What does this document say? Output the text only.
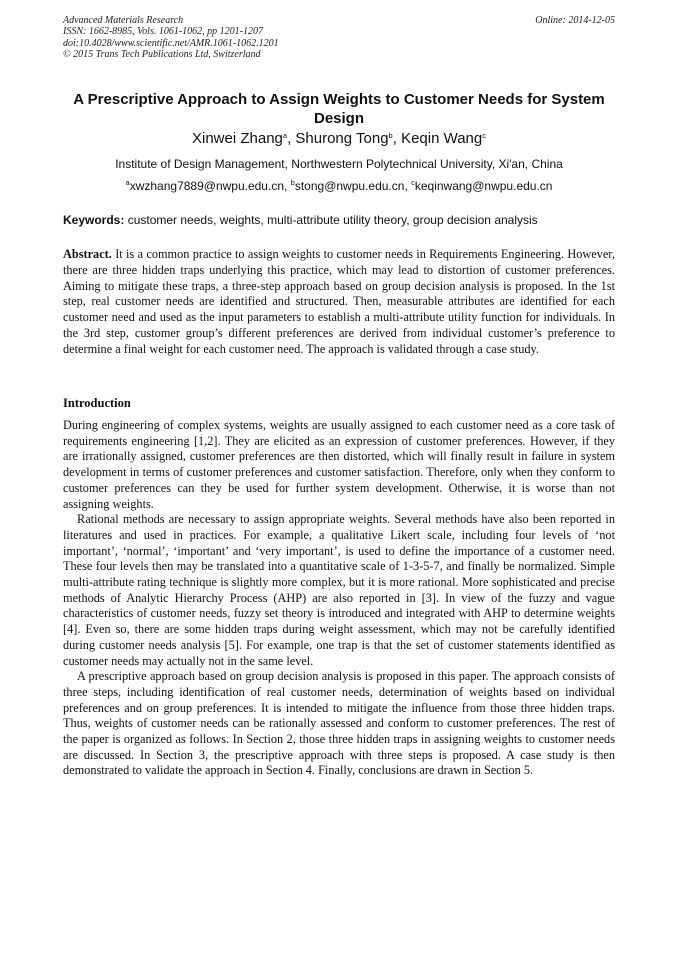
Advanced Materials Research
ISSN: 1662-8985, Vols. 1061-1062, pp 1201-1207
doi:10.4028/www.scientific.net/AMR.1061-1062.1201
© 2015 Trans Tech Publications Ltd, Switzerland
Online: 2014-12-05
A Prescriptive Approach to Assign Weights to Customer Needs for System Design
Xinwei Zhang$^a$, Shurong Tong$^b$, Keqin Wang$^c$
Institute of Design Management, Northwestern Polytechnical University, Xi'an, China
$^a$xwzhang7889@nwpu.edu.cn, $^b$stong@nwpu.edu.cn, $^c$keqinwang@nwpu.edu.cn
Keywords: customer needs, weights, multi-attribute utility theory, group decision analysis
Abstract. It is a common practice to assign weights to customer needs in Requirements Engineering. However, there are three hidden traps underlying this practice, which may lead to distortion of customer preferences. Aiming to mitigate these traps, a three-step approach based on group decision analysis is proposed. In the 1st step, real customer needs are identified and structured. Then, measurable attributes are identified for each customer need and used as the input parameters to establish a multi-attribute utility function for individuals. In the 3rd step, customer group’s different preferences are derived from individual customer’s preference to determine a final weight for each customer need. The approach is validated through a case study.
Introduction

During engineering of complex systems, weights are usually assigned to each customer need as a core task of requirements engineering [1,2]. They are elicited as an expression of customer preferences. However, if they are irrationally assigned, customer preferences are then distorted, which will finally result in failure in system development in terms of customer preferences and customer satisfaction. Therefore, only when they conform to customer preferences can they be used for further system development. Otherwise, it is worse than not assigning weights.

Rational methods are necessary to assign appropriate weights. Several methods have also been reported in literatures and used in practices. For example, a qualitative Likert scale, including four levels of ‘not important’, ‘normal’, ‘important’ and ‘very important’, is used to define the importance of a customer need. These four levels then may be translated into a quantitative scale of 1-3-5-7, and finally be normalized. Simple multi-attribute rating technique is slightly more complex, but it is more rational. More sophisticated and precise methods of Analytic Hierarchy Process (AHP) are also reported in [3]. In view of the fuzzy and vague characteristics of customer needs, fuzzy set theory is introduced and integrated with AHP to determine weights [4]. Even so, there are some hidden traps during weight assessment, which may not be carefully identified during customer needs analysis [5]. For example, one trap is that the set of customer statements identified as customer needs may actually not in the same level.

A prescriptive approach based on group decision analysis is proposed in this paper. The approach consists of three steps, including identification of real customer needs, determination of weights based on individual preferences and on group preferences. It is intended to mitigate the influence from those three hidden traps. Thus, weights of customer needs can be rationally assessed and conform to customer preferences. The rest of the paper is organized as follows. In Section 2, those three hidden traps in assigning weights to customer needs are discussed. In Section 3, the prescriptive approach with three steps is proposed. A case study is then demonstrated to validate the approach in Section 4. Finally, conclusions are drawn in Section 5.
